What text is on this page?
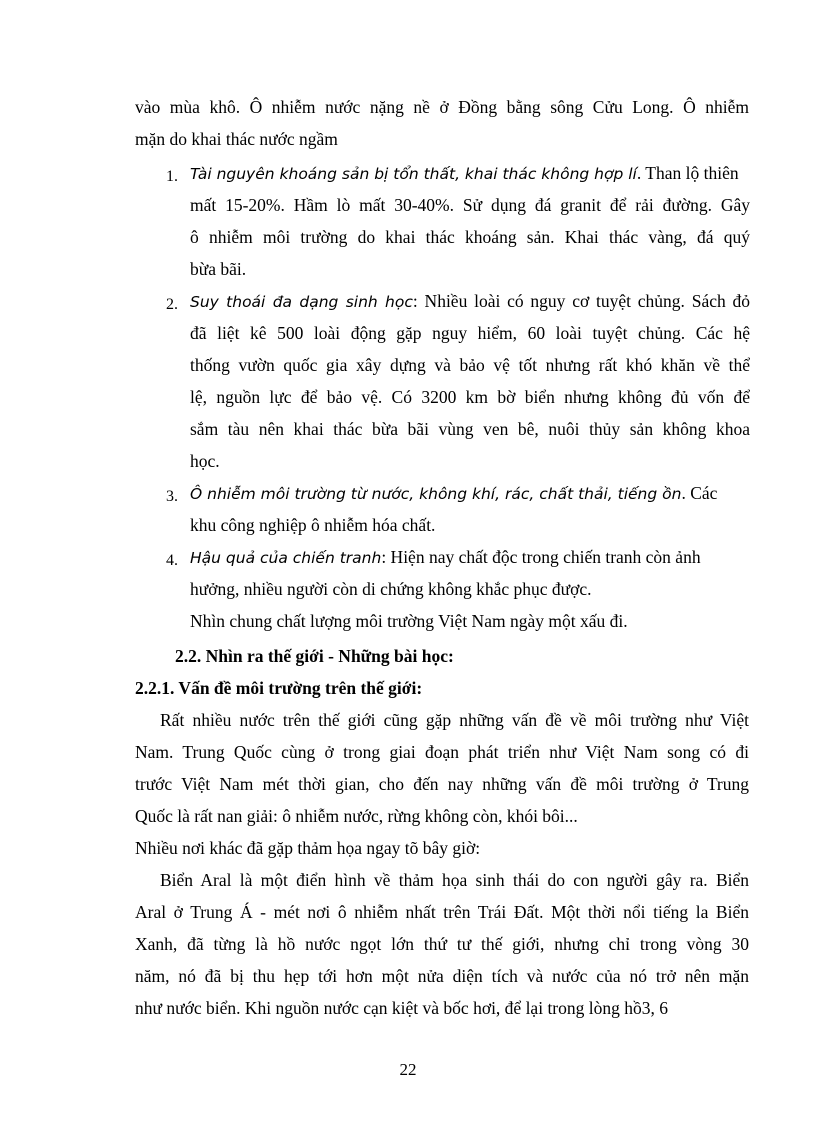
vào mùa khô. Ô nhiễm nước nặng nề ở Đồng bằng sông Cửu Long. Ô nhiễm
mặn do khai thác nước ngầm
1. Tài nguyên khoáng sản bị tổn thất, khai thác không hợp lí. Than lộ thiên
mất 15-20%. Hầm lò mất 30-40%. Sử dụng đá granit để rải đường. Gây
ô nhiễm môi trường do khai thác khoáng sản. Khai thác vàng, đá quý
bừa bãi.
2. Suy thoái đa dạng sinh học: Nhiều loài có nguy cơ tuyệt chủng. Sách đỏ
đã liệt kê 500 loài động gặp nguy hiểm, 60 loài tuyệt chủng. Các hệ
thống vườn quốc gia xây dựng và bảo vệ tốt nhưng rất khó khăn về thể
lệ, nguồn lực để bảo vệ. Có 3200 km bờ biển nhưng không đủ vốn để
sắm tàu nên khai thác bừa bãi vùng ven bê, nuôi thủy sản không khoa
học.
3. Ô nhiễm môi trường từ nước, không khí, rác, chất thải, tiếng ồn. Các
khu công nghiệp ô nhiễm hóa chất.
4. Hậu quả của chiến tranh: Hiện nay chất độc trong chiến tranh còn ảnh
hưởng, nhiều người còn di chứng không khắc phục được.
Nhìn chung chất lượng môi trường Việt Nam ngày một xấu đi.
2.2. Nhìn ra thế giới - Những bài học:
2.2.1. Vấn đề môi trường trên thế giới:
Rất nhiều nước trên thế giới cũng gặp những vấn đề về môi trường như Việt
Nam. Trung Quốc cùng ở trong giai đoạn phát triển như Việt Nam song có đi
trước Việt Nam mét thời gian, cho đến nay những vấn đề môi trường ở Trung
Quốc là rất nan giải: ô nhiễm nước, rừng không còn, khói bôi...
Nhiều nơi khác đã gặp thảm họa ngay tõ bây giờ:
Biển Aral là một điển hình về thảm họa sinh thái do con người gây ra. Biển
Aral ở Trung Á - mét nơi ô nhiễm nhất trên Trái Đất. Một thời nổi tiếng la Biển
Xanh, đã từng là hồ nước ngọt lớn thứ tư thế giới, nhưng chỉ trong vòng 30
năm, nó đã bị thu hẹp tới hơn một nửa diện tích và nước của nó trở nên mặn
như nước biển. Khi nguồn nước cạn kiệt và bốc hơi, để lại trong lòng hồ3, 6
22
